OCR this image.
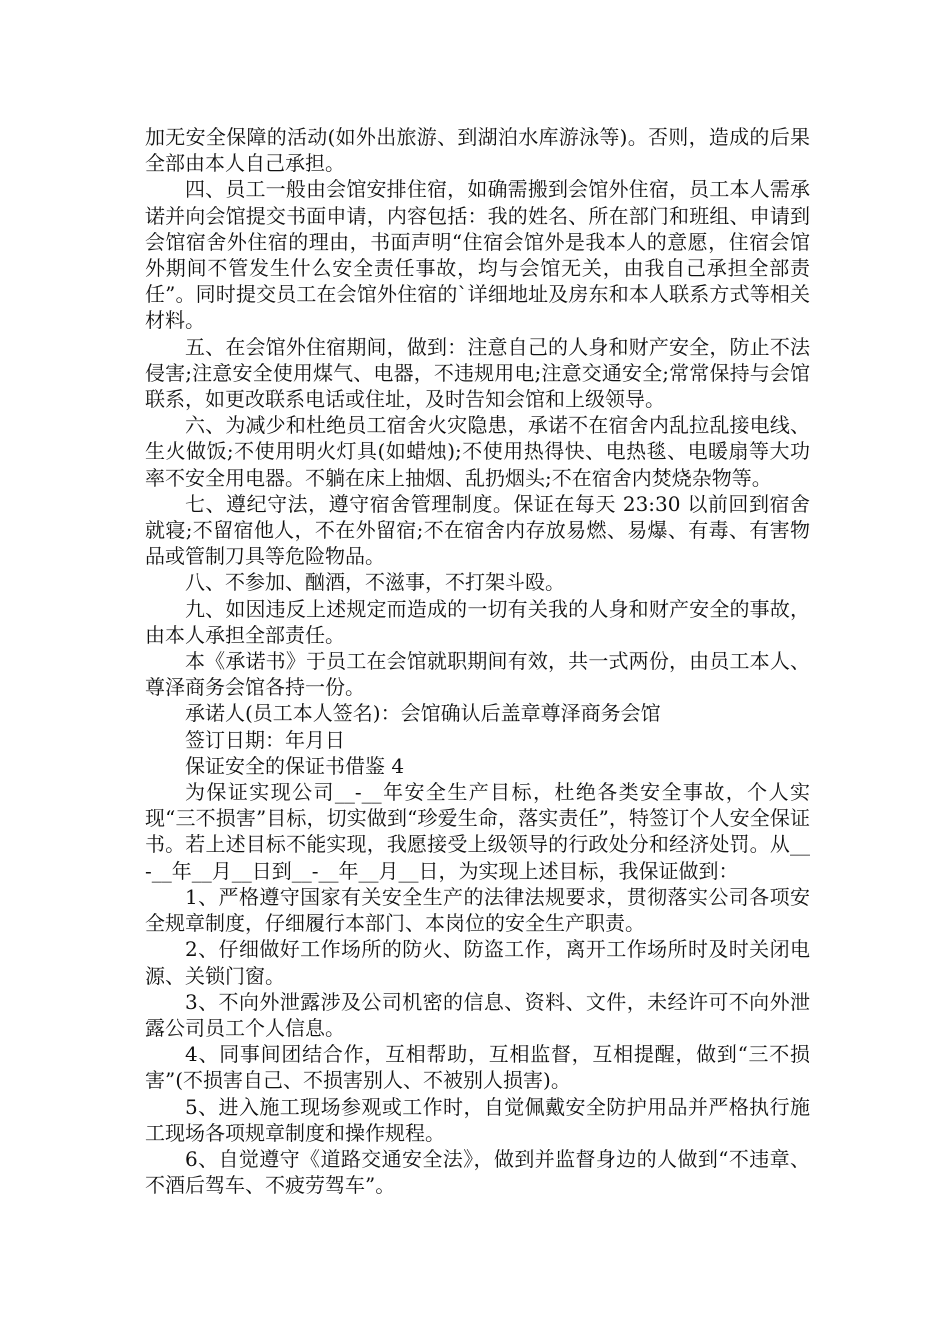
加无安全保障的活动(如外出旅游、到湖泊水库游泳等)。否则，造成的后果全部由本人自己承担。

四、员工一般由会馆安排住宿，如确需搬到会馆外住宿，员工本人需承诺并向会馆提交书面申请，内容包括：我的姓名、所在部门和班组、申请到会馆宿舍外住宿的理由，书面声明“住宿会馆外是我本人的意愿，住宿会馆外期间不管发生什么安全责任事故，均与会馆无关，由我自己承担全部责任”。同时提交员工在会馆外住宿的`详细地址及房东和本人联系方式等相关材料。

五、在会馆外住宿期间，做到：注意自己的人身和财产安全，防止不法侵害;注意安全使用煤气、电器，不违规用电;注意交通安全;常常保持与会馆联系，如更改联系电话或住址，及时告知会馆和上级领导。

六、为减少和杜绝员工宿舍火灾隐患，承诺不在宿舍内乱拉乱接电线、生火做饭;不使用明火灯具(如蜡烛);不使用热得快、电热毯、电暖扇等大功率不安全用电器。不躺在床上抽烟、乱扔烟头;不在宿舍内焚烧杂物等。

七、遵纪守法，遵守宿舍管理制度。保证在每天 23:30 以前回到宿舍就寝;不留宿他人，不在外留宿;不在宿舍内存放易燃、易爆、有毒、有害物品或管制刀具等危险物品。

八、不参加、酗酒，不滋事，不打架斗殴。

九、如因违反上述规定而造成的一切有关我的人身和财产安全的事故，由本人承担全部责任。

本《承诺书》于员工在会馆就职期间有效，共一式两份，由员工本人、尊泽商务会馆各持一份。

承诺人(员工本人签名)：会馆确认后盖章尊泽商务会馆

签订日期：年月日

保证安全的保证书借鉴 4

为保证实现公司__-__年安全生产目标，杜绝各类安全事故，个人实现“三不损害”目标，切实做到“珍爱生命，落实责任”，特签订个人安全保证书。若上述目标不能实现，我愿接受上级领导的行政处分和经济处罚。从__-__年__月__日到__-__年__月__日，为实现上述目标，我保证做到：

1、严格遵守国家有关安全生产的法律法规要求，贯彻落实公司各项安全规章制度，仔细履行本部门、本岗位的安全生产职责。

2、仔细做好工作场所的防火、防盗工作，离开工作场所时及时关闭电源、关锁门窗。

3、不向外泄露涉及公司机密的信息、资料、文件，未经许可不向外泄露公司员工个人信息。

4、同事间团结合作，互相帮助，互相监督，互相提醒，做到“三不损害”(不损害自己、不损害别人、不被别人损害)。

5、进入施工现场参观或工作时，自觉佩戴安全防护用品并严格执行施工现场各项规章制度和操作规程。

6、自觉遵守《道路交通安全法》，做到并监督身边的人做到“不违章、不酒后驾车、不疲劳驾车”。
